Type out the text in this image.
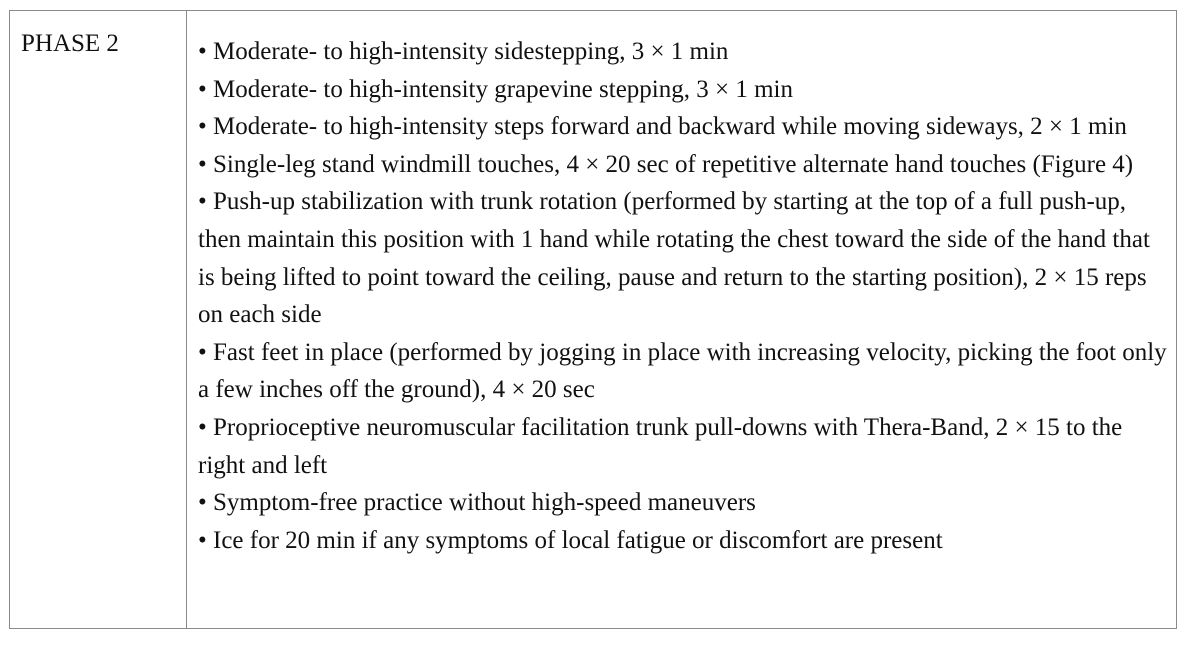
PHASE 2	• Moderate- to high-intensity sidestepping, 3 × 1 min
• Moderate- to high-intensity grapevine stepping, 3 × 1 min
• Moderate- to high-intensity steps forward and backward while moving sideways, 2 × 1 min
• Single-leg stand windmill touches, 4 × 20 sec of repetitive alternate hand touches (Figure 4)
• Push-up stabilization with trunk rotation (performed by starting at the top of a full push-up, then maintain this position with 1 hand while rotating the chest toward the side of the hand that is being lifted to point toward the ceiling, pause and return to the starting position), 2 × 15 reps on each side
• Fast feet in place (performed by jogging in place with increasing velocity, picking the foot only a few inches off the ground), 4 × 20 sec
• Proprioceptive neuromuscular facilitation trunk pull-downs with Thera-Band, 2 × 15 to the right and left
• Symptom-free practice without high-speed maneuvers
• Ice for 20 min if any symptoms of local fatigue or discomfort are present
